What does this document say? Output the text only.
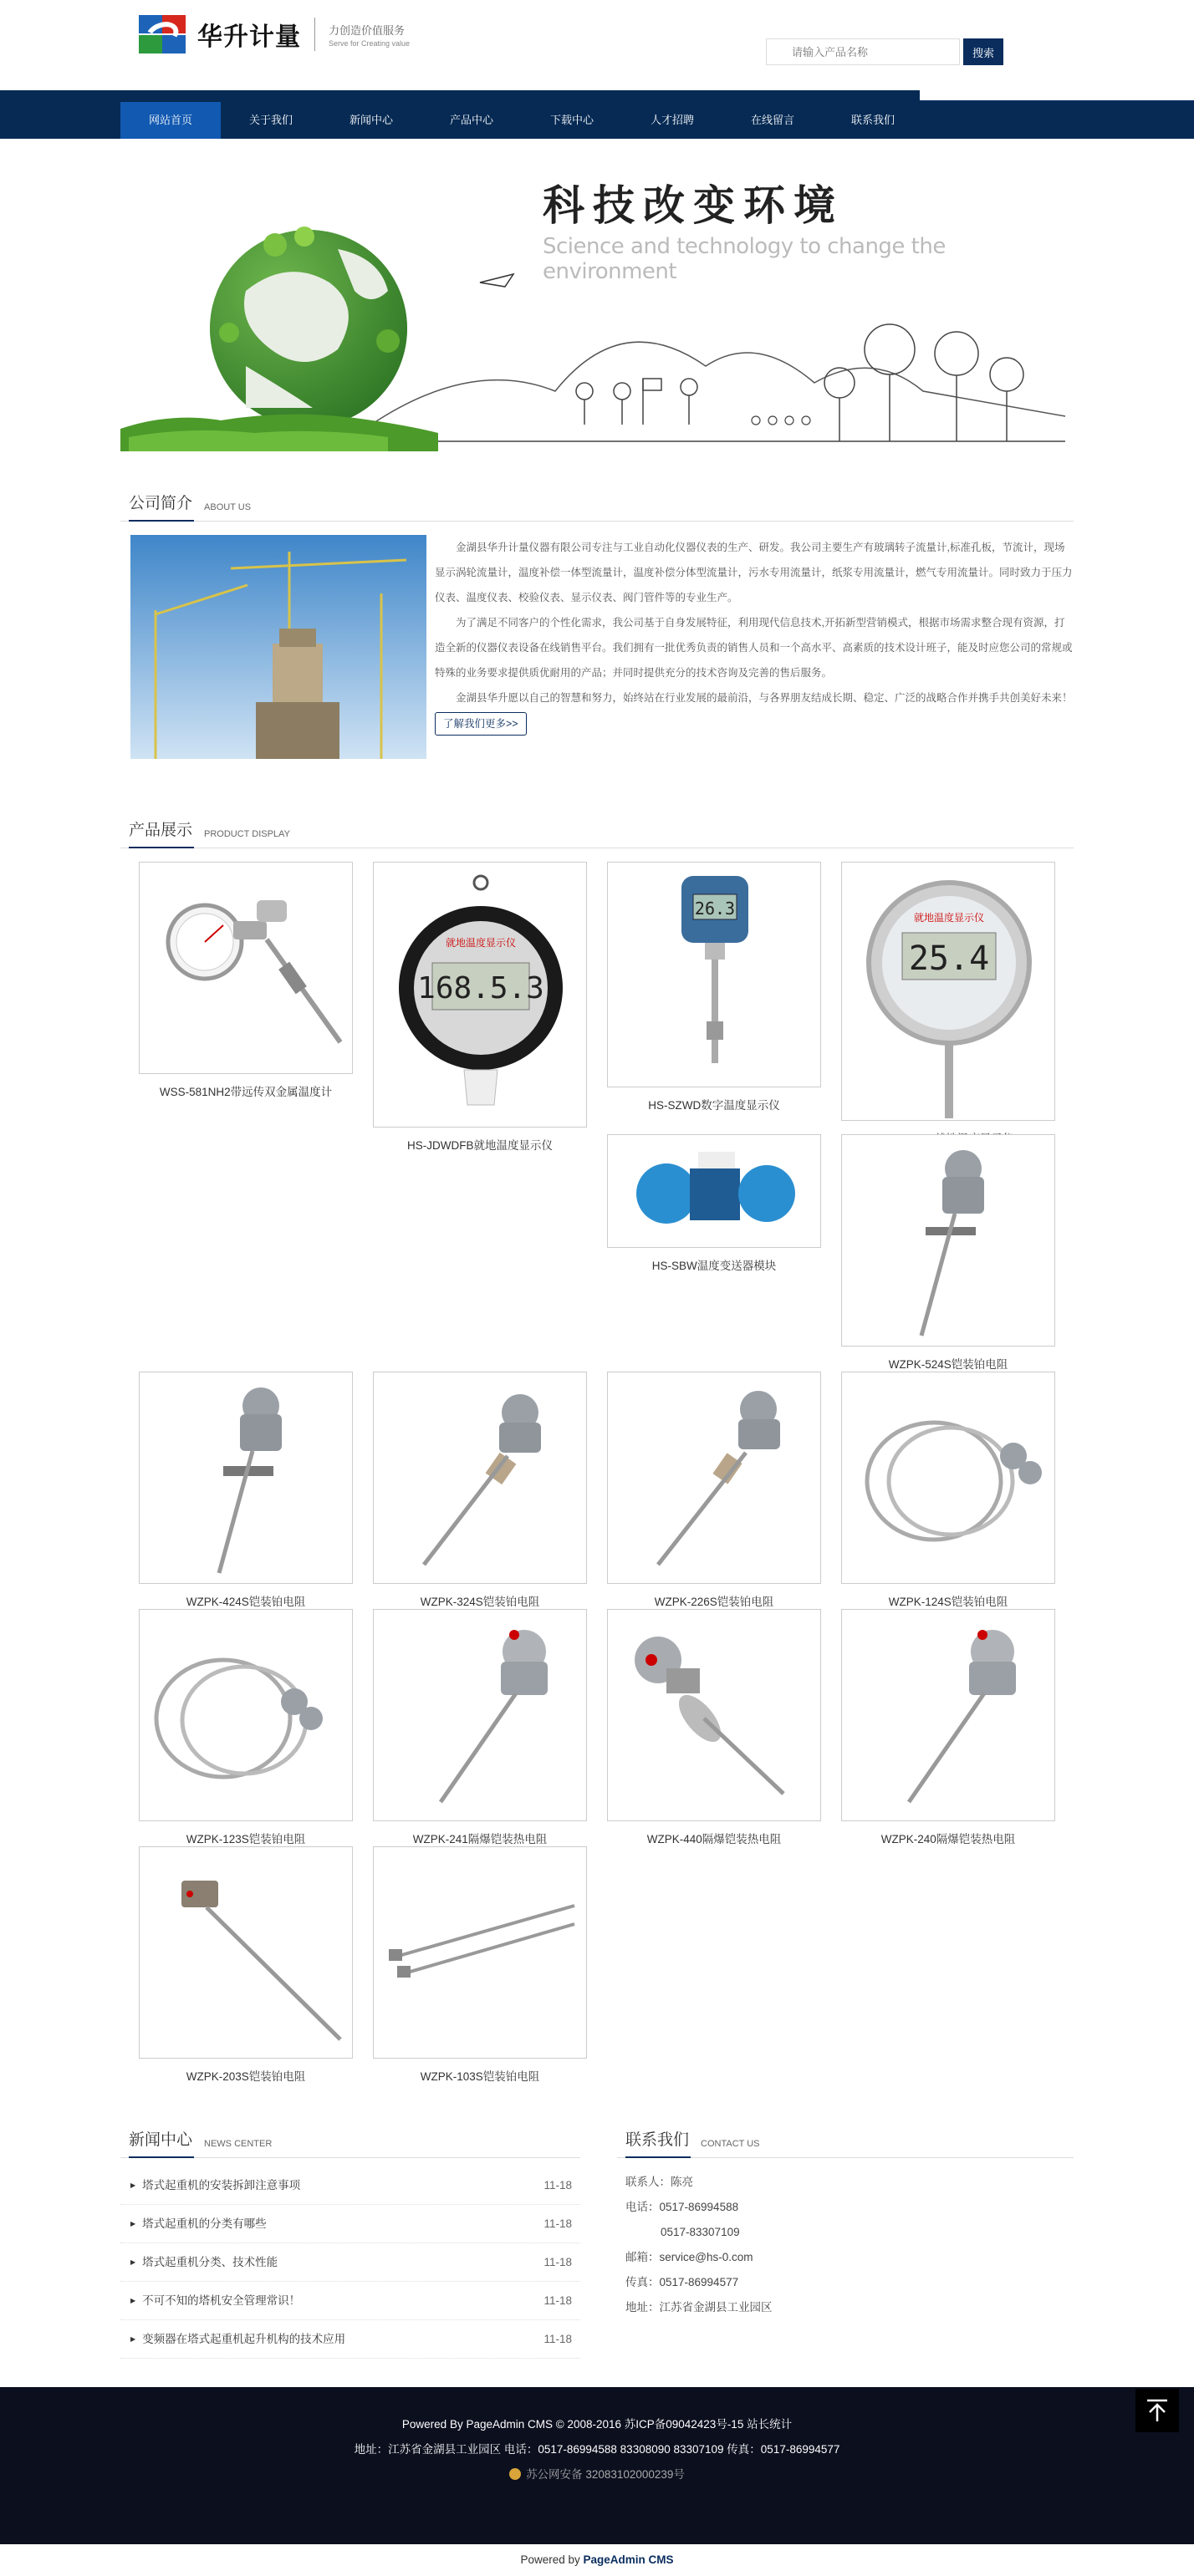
华升计量	力创造价值服务
Serve for Creating value
请输入产品名称
搜索
网站首页	关于我们	新闻中心	产品中心	下载中心	人才招聘	在线留言	联系我们
科技改变环境
Science and technology to change the environment
公司简介 ABOUT US

金湖县华升计量仪器有限公司专注与工业自动化仪器仪表的生产、研发。我公司主要生产有玻璃转子流量计,标准孔板，节流计，现场显示涡轮流量计，温度补偿一体型流量计，温度补偿分体型流量计，污水专用流量计，纸浆专用流量计，燃气专用流量计。同时致力于压力仪表、温度仪表、校验仪表、显示仪表、阀门管件等的专业生产。

为了满足不同客户的个性化需求，我公司基于自身发展特征，利用现代信息技术,开拓新型营销模式，根据市场需求整合现有资源，打造全新的仪器仪表设备在线销售平台。我们拥有一批优秀负责的销售人员和一个高水平、高素质的技术设计班子，能及时应您公司的常规或特殊的业务要求提供质优耐用的产品；并同时提供充分的技术咨询及完善的售后服务。

金湖县华升愿以自己的智慧和努力，始终站在行业发展的最前沿，与各界朋友结成长期、稳定、广泛的战略合作并携手共创美好未来！

了解我们更多>>
产品展示 PRODUCT DISPLAY
WSS-581NH2带远传双金属温度计
就地温度显示仪
168.5.3
HS-JDWDFB就地温度显示仪
26.3
HS-SZWD数字温度显示仪
就地温度显示仪
25.4
HS-SBW温度变送器模块
WZPK-524S铠装铂电阻
WZPK-424S铠装铂电阻	WZPK-324S铠装铂电阻	WZPK-226S铠装铂电阻	WZPK-124S铠装铂电阻
WZPK-123S铠装铂电阻	WZPK-241隔爆铠装热电阻	WZPK-440隔爆铠装热电阻	WZPK-240隔爆铠装热电阻
WZPK-203S铠装铂电阻	WZPK-103S铠装铂电阻
新闻中心 NEWS CENTER
▶ 塔式起重机的安装拆卸注意事项	11-18
▶ 塔式起重机的分类有哪些	11-18
▶ 塔式起重机分类、技术性能	11-18
▶ 不可不知的塔机安全管理常识！	11-18
▶ 变频器在塔式起重机起升机构的技术应用	11-18
联系我们 CONTACT US
联系人：陈亮
电话：0517-86994588
0517-83307109
邮箱：service@hs-0.com
传真：0517-86994577
地址：江苏省金湖县工业园区
Powered By PageAdmin CMS © 2008-2016 苏ICP备09042423号-15 站长统计
地址：江苏省金湖县工业园区 电话：0517-86994588 83308090 83307109 传真：0517-86994577
苏公网安备 32083102000239号
Powered by PageAdmin CMS
